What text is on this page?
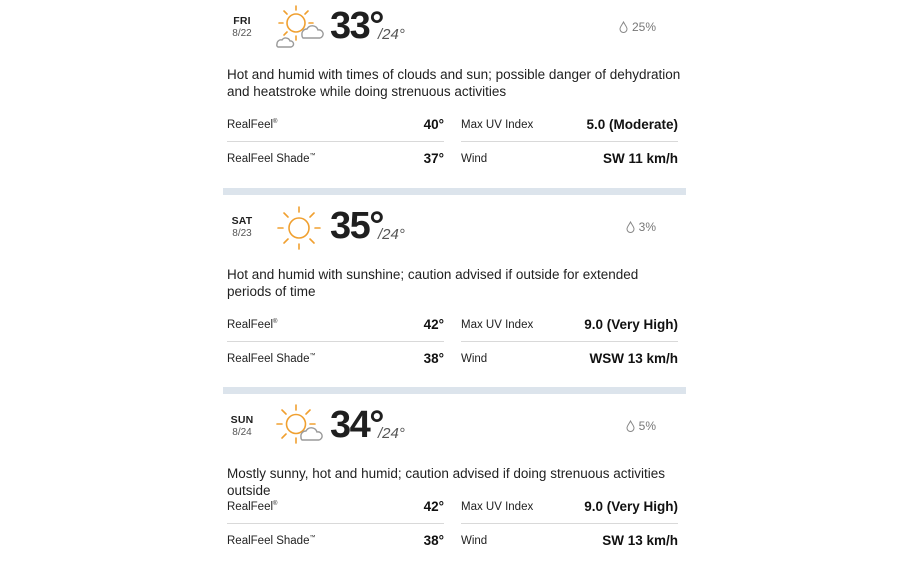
FRI
8/22 33°
/24°	25%
Hot and humid with times of clouds and sun; possible danger of dehydration and heatstroke while doing strenuous activities
RealFeel®	40° Max UV Index	5.0 (Moderate)
RealFeel Shade™	37° Wind	SW 11 km/h
SAT
8/23 35°
/24°	3%
Hot and humid with sunshine; caution advised if outside for extended periods of time
RealFeel®	42° Max UV Index	9.0 (Very High)
RealFeel Shade™	38° Wind	WSW 13 km/h
SUN
8/24 34°
/24°	5%
Mostly sunny, hot and humid; caution advised if doing strenuous activities outside
RealFeel®	42° Max UV Index	9.0 (Very High)
RealFeel Shade™	38° Wind	SW 13 km/h
